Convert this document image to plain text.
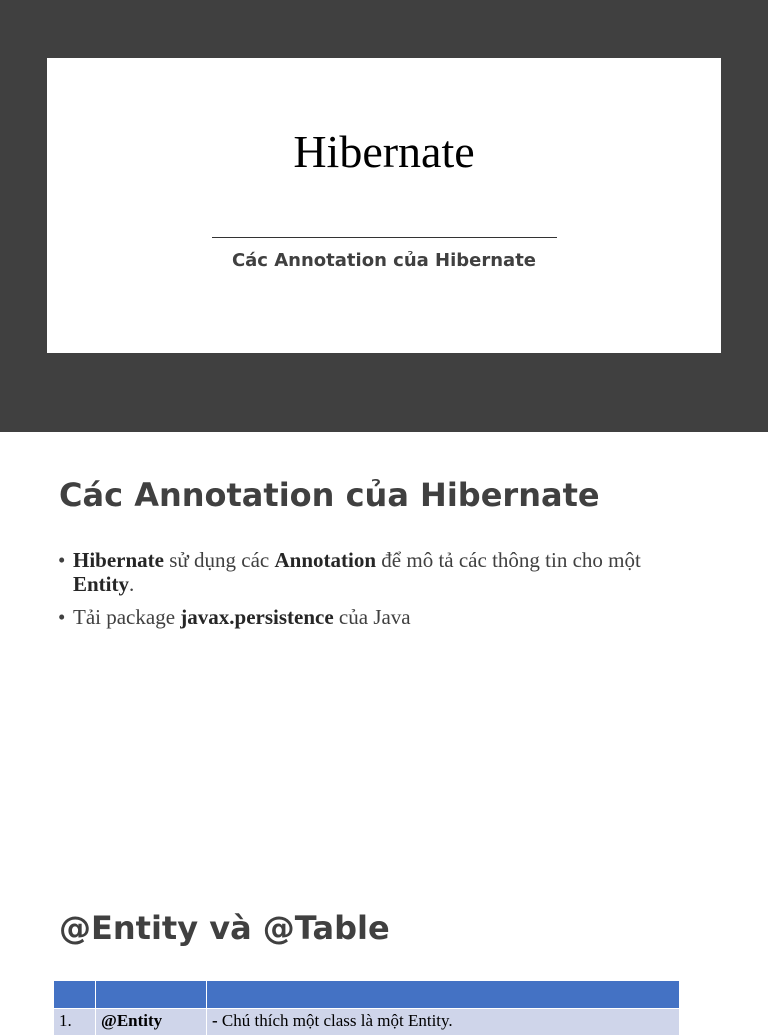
Hibernate
Các Annotation của Hibernate
Các Annotation của Hibernate
• Hibernate sử dụng các Annotation để mô tả các thông tin cho một Entity.
• Tải package javax.persistence của Java
@Entity và @Table

1.	@Entity	- Chú thích một class là một Entity.
